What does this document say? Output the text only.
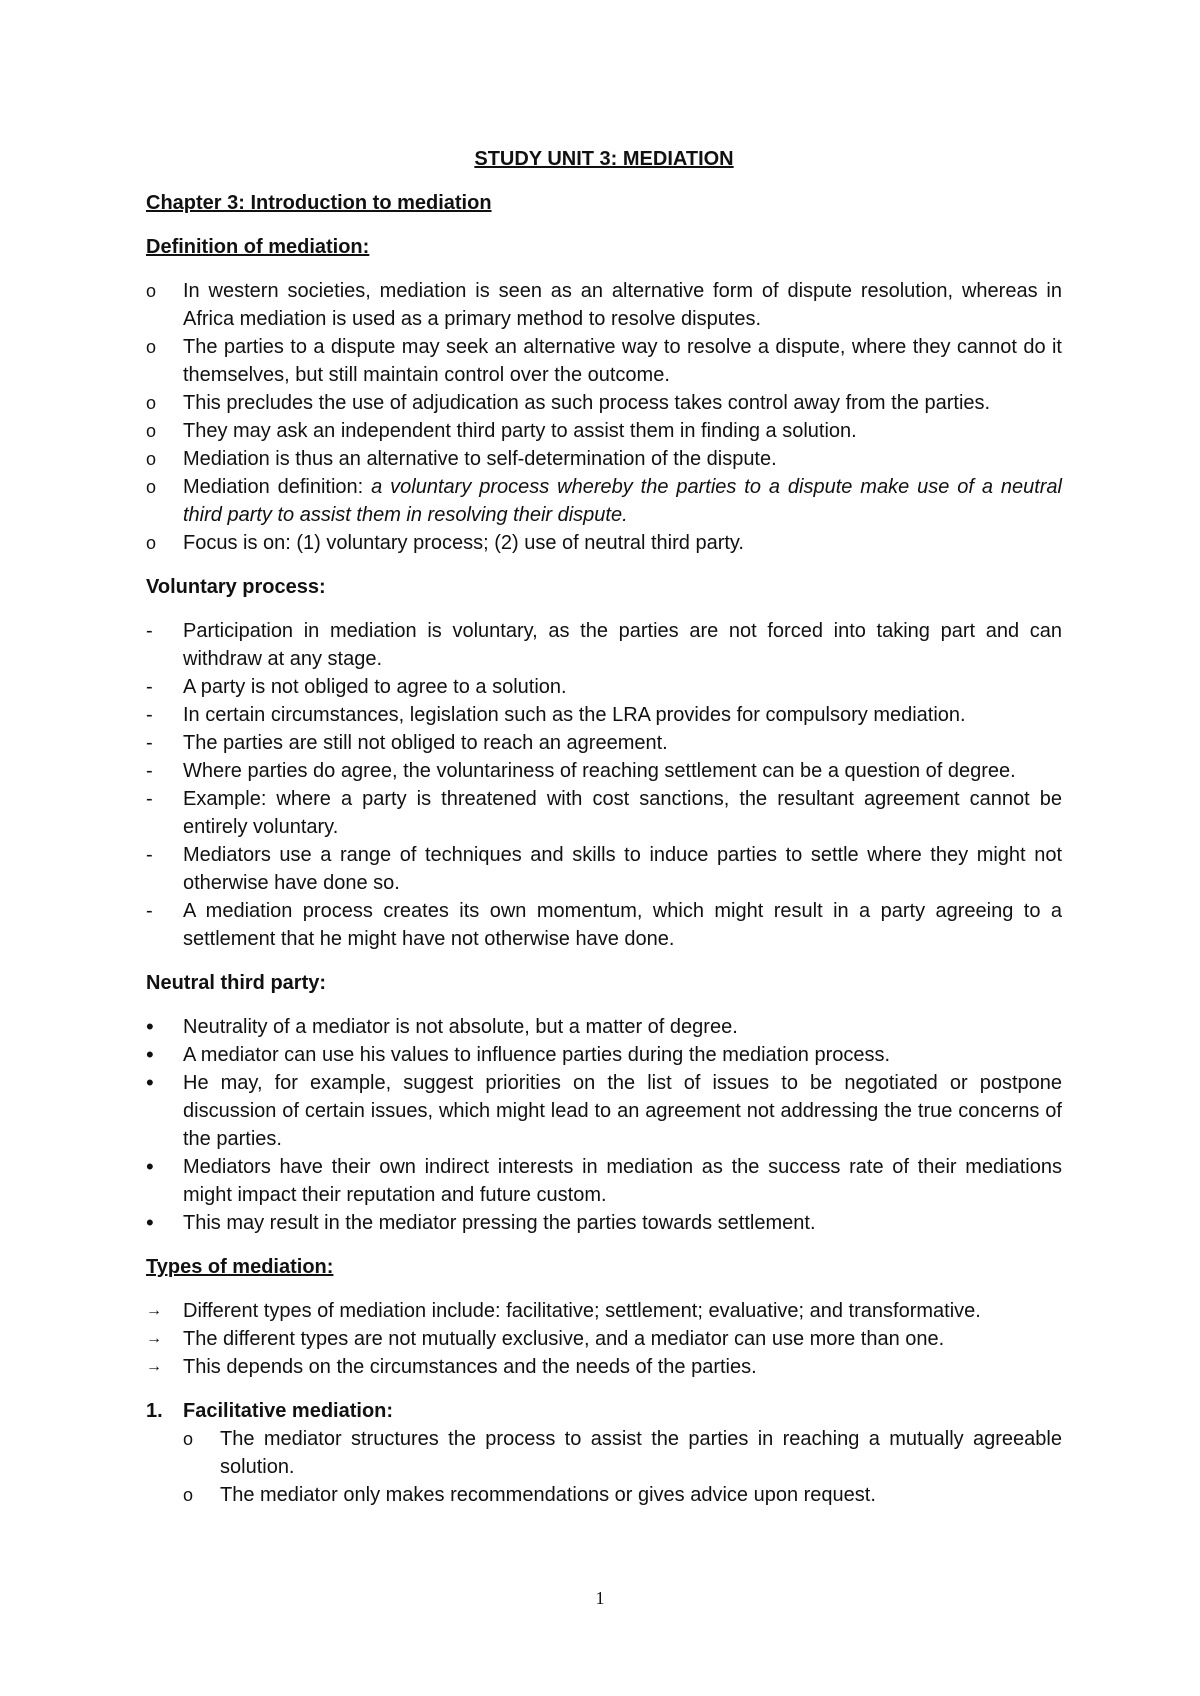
STUDY UNIT 3: MEDIATION
Chapter 3: Introduction to mediation
Definition of mediation:
o	In western societies, mediation is seen as an alternative form of dispute resolution, whereas in Africa mediation is used as a primary method to resolve disputes.
o	The parties to a dispute may seek an alternative way to resolve a dispute, where they cannot do it themselves, but still maintain control over the outcome.
o	This precludes the use of adjudication as such process takes control away from the parties.
o	They may ask an independent third party to assist them in finding a solution.
o	Mediation is thus an alternative to self-determination of the dispute.
o	Mediation definition: a voluntary process whereby the parties to a dispute make use of a neutral third party to assist them in resolving their dispute.
o	Focus is on: (1) voluntary process; (2) use of neutral third party.
Voluntary process:
-	Participation in mediation is voluntary, as the parties are not forced into taking part and can withdraw at any stage.
-	A party is not obliged to agree to a solution.
-	In certain circumstances, legislation such as the LRA provides for compulsory mediation.
-	The parties are still not obliged to reach an agreement.
-	Where parties do agree, the voluntariness of reaching settlement can be a question of degree.
-	Example: where a party is threatened with cost sanctions, the resultant agreement cannot be entirely voluntary.
-	Mediators use a range of techniques and skills to induce parties to settle where they might not otherwise have done so.
-	A mediation process creates its own momentum, which might result in a party agreeing to a settlement that he might have not otherwise have done.
Neutral third party:
•	Neutrality of a mediator is not absolute, but a matter of degree.
•	A mediator can use his values to influence parties during the mediation process.
•	He may, for example, suggest priorities on the list of issues to be negotiated or postpone discussion of certain issues, which might lead to an agreement not addressing the true concerns of the parties.
•	Mediators have their own indirect interests in mediation as the success rate of their mediations might impact their reputation and future custom.
•	This may result in the mediator pressing the parties towards settlement.
Types of mediation:
→	Different types of mediation include: facilitative; settlement; evaluative; and transformative.
→	The different types are not mutually exclusive, and a mediator can use more than one.
→	This depends on the circumstances and the needs of the parties.
1. Facilitative mediation:
o The mediator structures the process to assist the parties in reaching a mutually agreeable solution.
o The mediator only makes recommendations or gives advice upon request.
1
